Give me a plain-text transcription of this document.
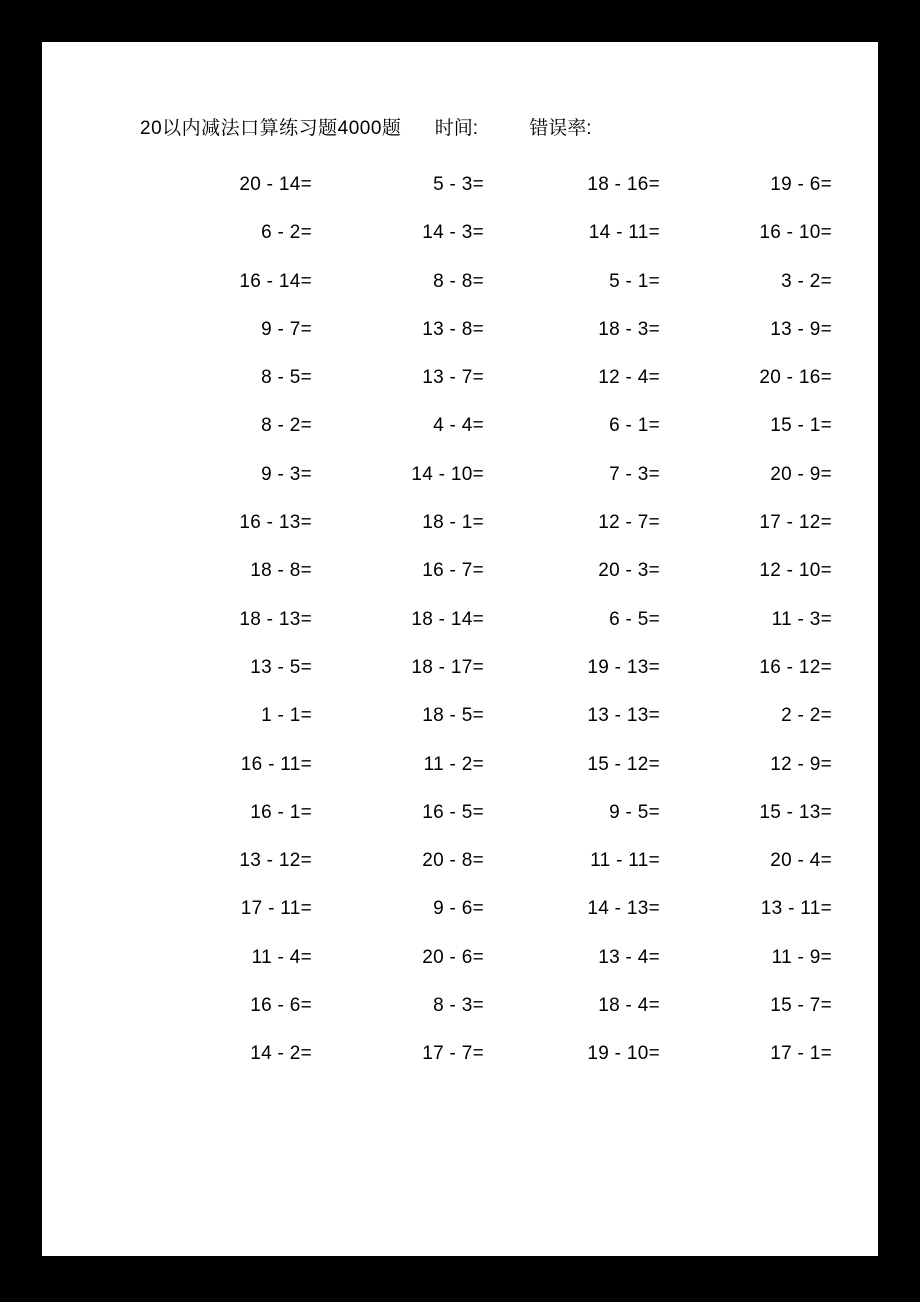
20以内减法口算练习题4000题 时间:	错误率:
20 - 14=	5 - 3=	18 - 16=	19 - 6=
6 - 2=	14 - 3=	14 - 11=	16 - 10=
16 - 14=	8 - 8=	5 - 1=	3 - 2=
9 - 7=	13 - 8=	18 - 3=	13 - 9=
8 - 5=	13 - 7=	12 - 4=	20 - 16=
8 - 2=	4 - 4=	6 - 1=	15 - 1=
9 - 3=	14 - 10=	7 - 3=	20 - 9=
16 - 13=	18 - 1=	12 - 7=	17 - 12=
18 - 8=	16 - 7=	20 - 3=	12 - 10=
18 - 13=	18 - 14=	6 - 5=	11 - 3=
13 - 5=	18 - 17=	19 - 13=	16 - 12=
1 - 1=	18 - 5=	13 - 13=	2 - 2=
16 - 11=	11 - 2=	15 - 12=	12 - 9=
16 - 1=	16 - 5=	9 - 5=	15 - 13=
13 - 12=	20 - 8=	11 - 11=	20 - 4=
17 - 11=	9 - 6=	14 - 13=	13 - 11=
11 - 4=	20 - 6=	13 - 4=	11 - 9=
16 - 6=	8 - 3=	18 - 4=	15 - 7=
14 - 2=	17 - 7=	19 - 10=	17 - 1=
